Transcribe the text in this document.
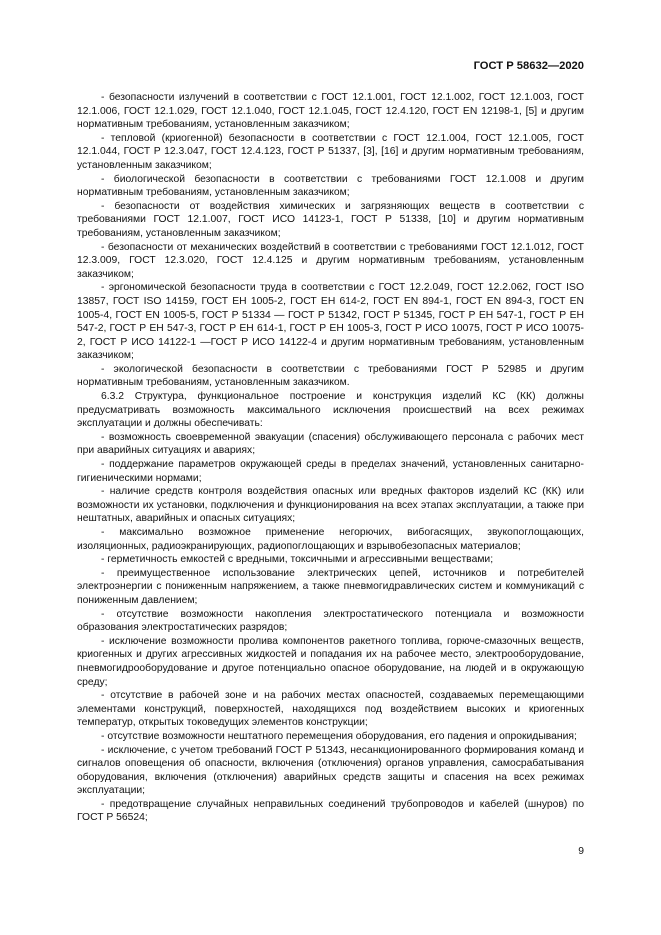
ГОСТ Р 58632—2020

- безопасности излучений в соответствии с ГОСТ 12.1.001, ГОСТ 12.1.002, ГОСТ 12.1.003, ГОСТ 12.1.006, ГОСТ 12.1.029, ГОСТ 12.1.040, ГОСТ 12.1.045, ГОСТ 12.4.120, ГОСТ EN 12198-1, [5] и другим нормативным требованиям, установленным заказчиком;

- тепловой (криогенной) безопасности в соответствии с ГОСТ 12.1.004, ГОСТ 12.1.005, ГОСТ 12.1.044, ГОСТ Р 12.3.047, ГОСТ 12.4.123, ГОСТ Р 51337, [3], [16] и другим нормативным требованиям, установленным заказчиком;

- биологической безопасности в соответствии с требованиями ГОСТ 12.1.008 и другим нормативным требованиям, установленным заказчиком;

- безопасности от воздействия химических и загрязняющих веществ в соответствии с требованиями ГОСТ 12.1.007, ГОСТ ИСО 14123-1, ГОСТ Р 51338, [10] и другим нормативным требованиям, установленным заказчиком;

- безопасности от механических воздействий в соответствии с требованиями ГОСТ 12.1.012, ГОСТ 12.3.009, ГОСТ 12.3.020, ГОСТ 12.4.125 и другим нормативным требованиям, установленным заказчиком;

- эргономической безопасности труда в соответствии с ГОСТ 12.2.049, ГОСТ 12.2.062, ГОСТ ISO 13857, ГОСТ ISO 14159, ГОСТ ЕН 1005-2, ГОСТ ЕН 614-2, ГОСТ EN 894-1, ГОСТ EN 894-3, ГОСТ EN 1005-4, ГОСТ EN 1005-5, ГОСТ Р 51334 — ГОСТ Р 51342, ГОСТ Р 51345, ГОСТ Р ЕН 547-1, ГОСТ Р ЕН 547-2, ГОСТ Р ЕН 547-3, ГОСТ Р ЕН 614-1, ГОСТ Р ЕН 1005-3, ГОСТ Р ИСО 10075, ГОСТ Р ИСО 10075-2, ГОСТ Р ИСО 14122-1 —ГОСТ Р ИСО 14122-4 и другим нормативным требованиям, установленным заказчиком;

- экологической безопасности в соответствии с требованиями ГОСТ Р 52985 и другим нормативным требованиям, установленным заказчиком.

6.3.2 Структура, функциональное построение и конструкция изделий КС (КК) должны предусматривать возможность максимального исключения происшествий на всех режимах эксплуатации и должны обеспечивать:

- возможность своевременной эвакуации (спасения) обслуживающего персонала с рабочих мест при аварийных ситуациях и авариях;

- поддержание параметров окружающей среды в пределах значений, установленных санитарно-гигиеническими нормами;

- наличие средств контроля воздействия опасных или вредных факторов изделий КС (КК) или возможности их установки, подключения и функционирования на всех этапах эксплуатации, а также при нештатных, аварийных и опасных ситуациях;

- максимально возможное применение негорючих, вибогасящих, звукопоглощающих, изоляционных, радиоэкранирующих, радиопоглощающих и взрывобезопасных материалов;

- герметичность емкостей с вредными, токсичными и агрессивными веществами;

- преимущественное использование электрических цепей, источников и потребителей электроэнергии с пониженным напряжением, а также пневмогидравлических систем и коммуникаций с пониженным давлением;

- отсутствие возможности накопления электростатического потенциала и возможности образования электростатических разрядов;

- исключение возможности пролива компонентов ракетного топлива, горюче-смазочных веществ, криогенных и других агрессивных жидкостей и попадания их на рабочее место, электрооборудование, пневмогидрооборудование и другое потенциально опасное оборудование, на людей и в окружающую среду;

- отсутствие в рабочей зоне и на рабочих местах опасностей, создаваемых перемещающими элементами конструкций, поверхностей, находящихся под воздействием высоких и криогенных температур, открытых токоведущих элементов конструкции;

- отсутствие возможности нештатного перемещения оборудования, его падения и опрокидывания;

- исключение, с учетом требований ГОСТ Р 51343, несанкционированного формирования команд и сигналов оповещения об опасности, включения (отключения) органов управления, самосрабатывания оборудования, включения (отключения) аварийных средств защиты и спасения на всех режимах эксплуатации;

- предотвращение случайных неправильных соединений трубопроводов и кабелей (шнуров) по ГОСТ Р 56524;

9
